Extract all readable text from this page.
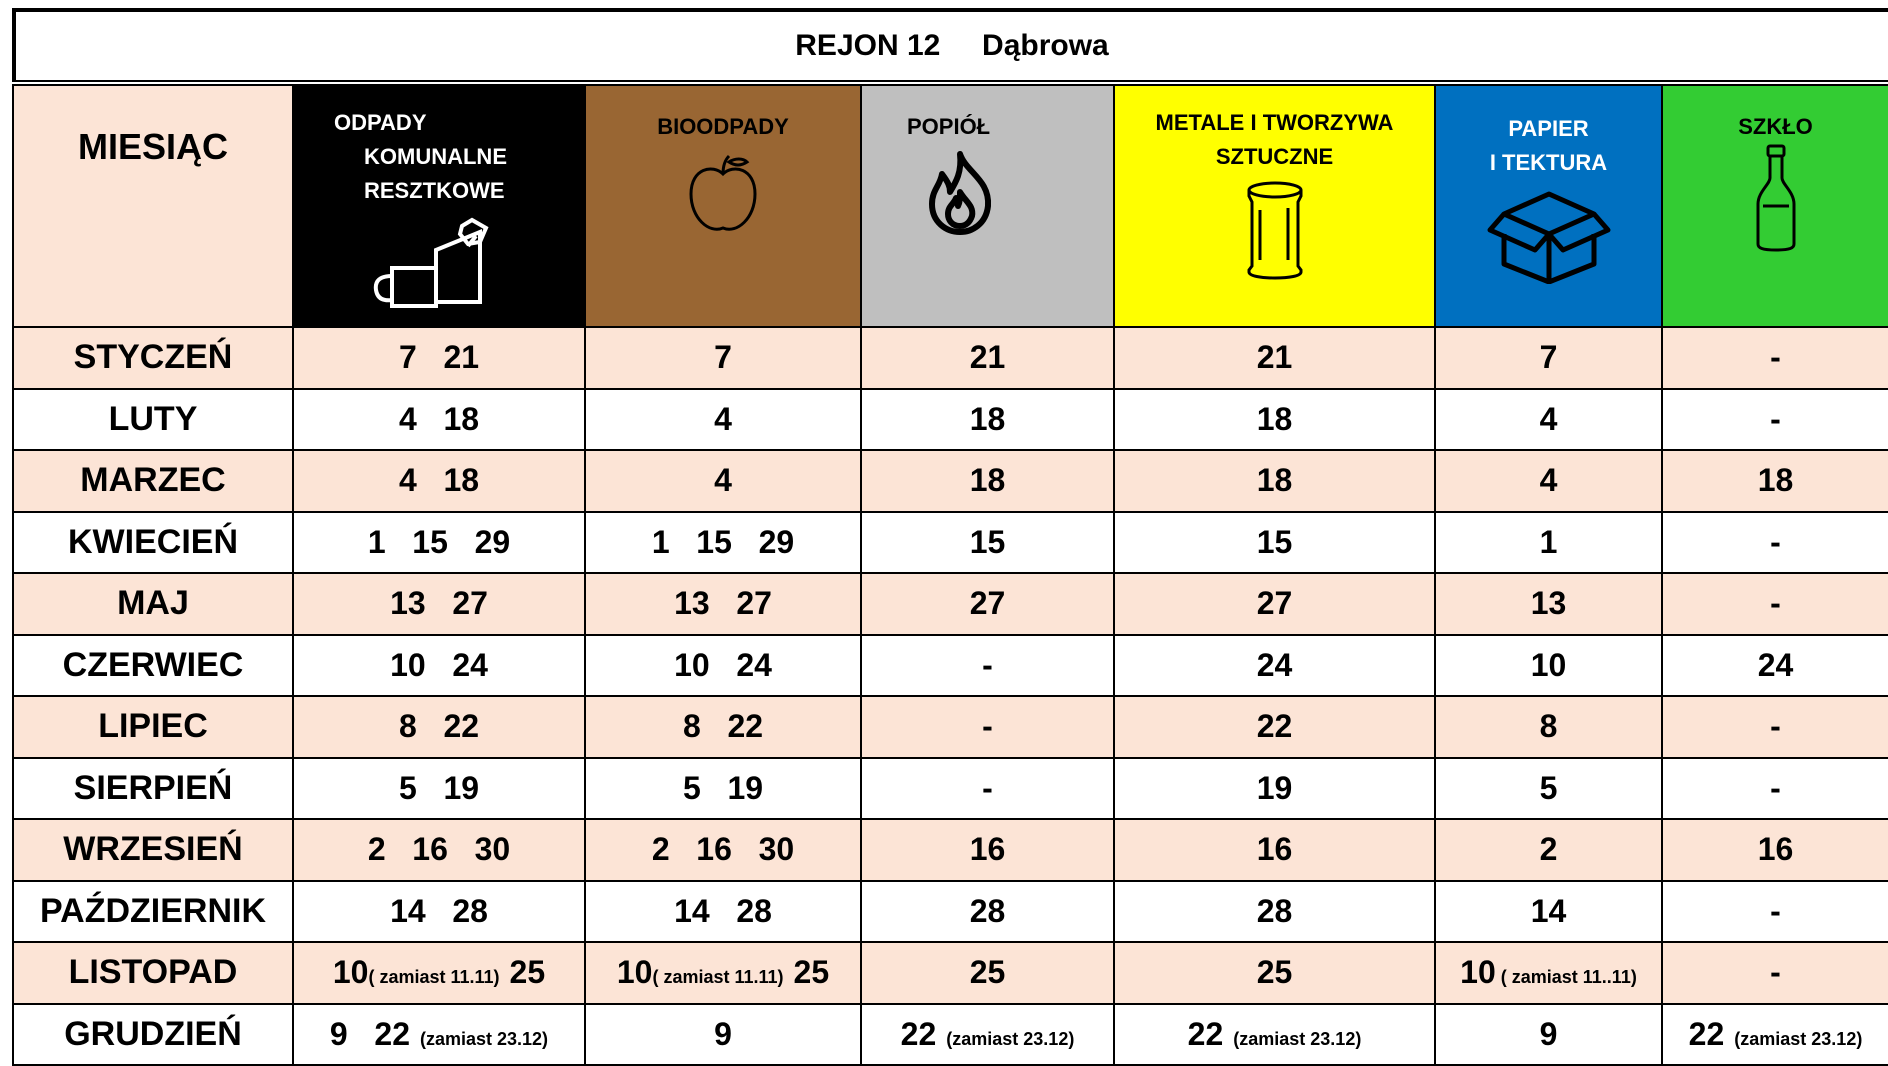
REJON 12
Dąbrowa
MIESIĄC	ODPADY
KOMUNALNE
RESZTKOWE	BIOODPADY	POPIÓŁ	METALE I TWORZYWA
SZTUCZNE	PAPIER
I TEKTURA	SZKŁO

STYCZEŃ	7   21	7	21	21	7	-
LUTY	4   18	4	18	18	4	-
MARZEC	4   18	4	18	18	4	18
KWIECIEŃ	1   15   29	1   15   29	15	15	1	-
MAJ	13   27	13   27	27	27	13	-
CZERWIEC	10   24	10   24	-	24	10	24
LIPIEC	8   22	8   22	-	22	8	-
SIERPIEŃ	5   19	5   19	-	19	5	-
WRZESIEŃ	2   16   30	2   16   30	16	16	2	16
PAŹDZIERNIK	14   28	14   28	28	28	14	-
LISTOPAD	10( zamiast 11.11) 25	10( zamiast 11.11) 25	25	25	10 ( zamiast 11..11)	-
GRUDZIEŃ	9   22  (zamiast 23.12)	9	22  (zamiast 23.12)	22  (zamiast 23.12)	9	22  (zamiast 23.12)
